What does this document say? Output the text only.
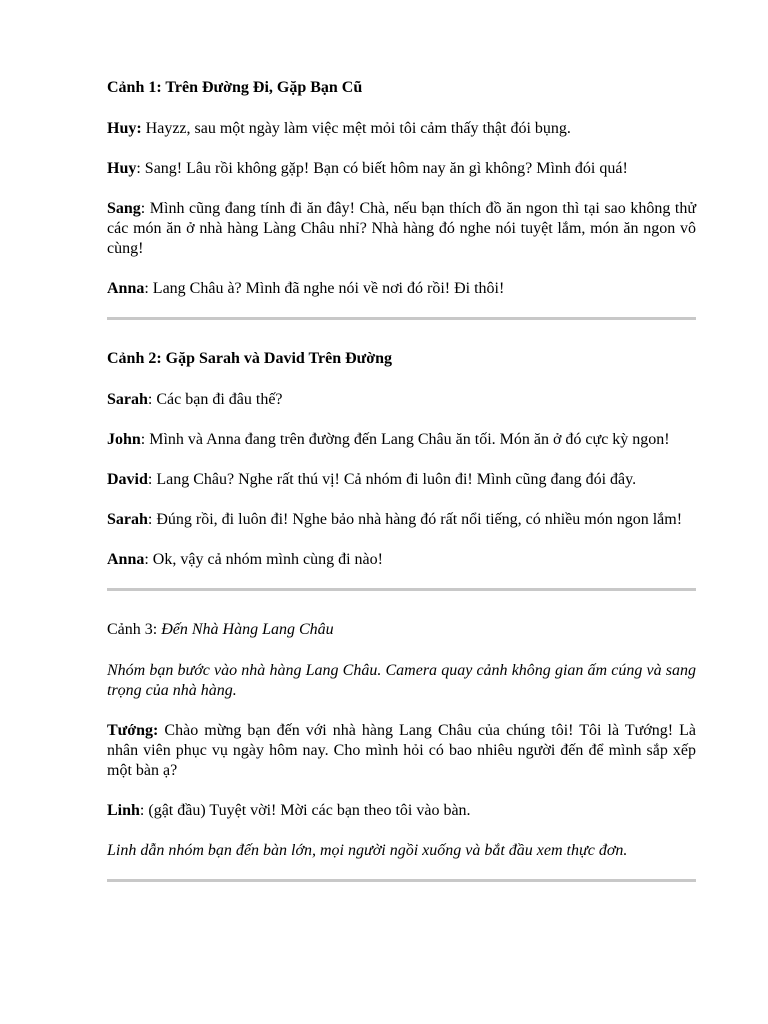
Cảnh 1: Trên Đường Đi, Gặp Bạn Cũ

Huy: Hayzz, sau một ngày làm việc mệt mỏi tôi cảm thấy thật đói bụng.

Huy: Sang! Lâu rồi không gặp! Bạn có biết hôm nay ăn gì không? Mình đói quá!

Sang: Mình cũng đang tính đi ăn đây! Chà, nếu bạn thích đồ ăn ngon thì tại sao không thử các món ăn ở nhà hàng Làng Châu nhỉ? Nhà hàng đó nghe nói tuyệt lắm, món ăn ngon vô cùng!

Anna: Lang Châu à? Mình đã nghe nói về nơi đó rồi! Đi thôi!

Cảnh 2: Gặp Sarah và David Trên Đường

Sarah: Các bạn đi đâu thế?

John: Mình và Anna đang trên đường đến Lang Châu ăn tối. Món ăn ở đó cực kỳ ngon!

David: Lang Châu? Nghe rất thú vị! Cả nhóm đi luôn đi! Mình cũng đang đói đây.

Sarah: Đúng rồi, đi luôn đi! Nghe bảo nhà hàng đó rất nổi tiếng, có nhiều món ngon lắm!

Anna: Ok, vậy cả nhóm mình cùng đi nào!

Cảnh 3: Đến Nhà Hàng Lang Châu

Nhóm bạn bước vào nhà hàng Lang Châu. Camera quay cảnh không gian ấm cúng và sang trọng của nhà hàng.

Tướng: Chào mừng bạn đến với nhà hàng Lang Châu của chúng tôi! Tôi là Tướng! Là nhân viên phục vụ ngày hôm nay. Cho mình hỏi có bao nhiêu người đến để mình sắp xếp một bàn ạ?

Linh: (gật đầu) Tuyệt vời! Mời các bạn theo tôi vào bàn.

Linh dẫn nhóm bạn đến bàn lớn, mọi người ngồi xuống và bắt đầu xem thực đơn.
